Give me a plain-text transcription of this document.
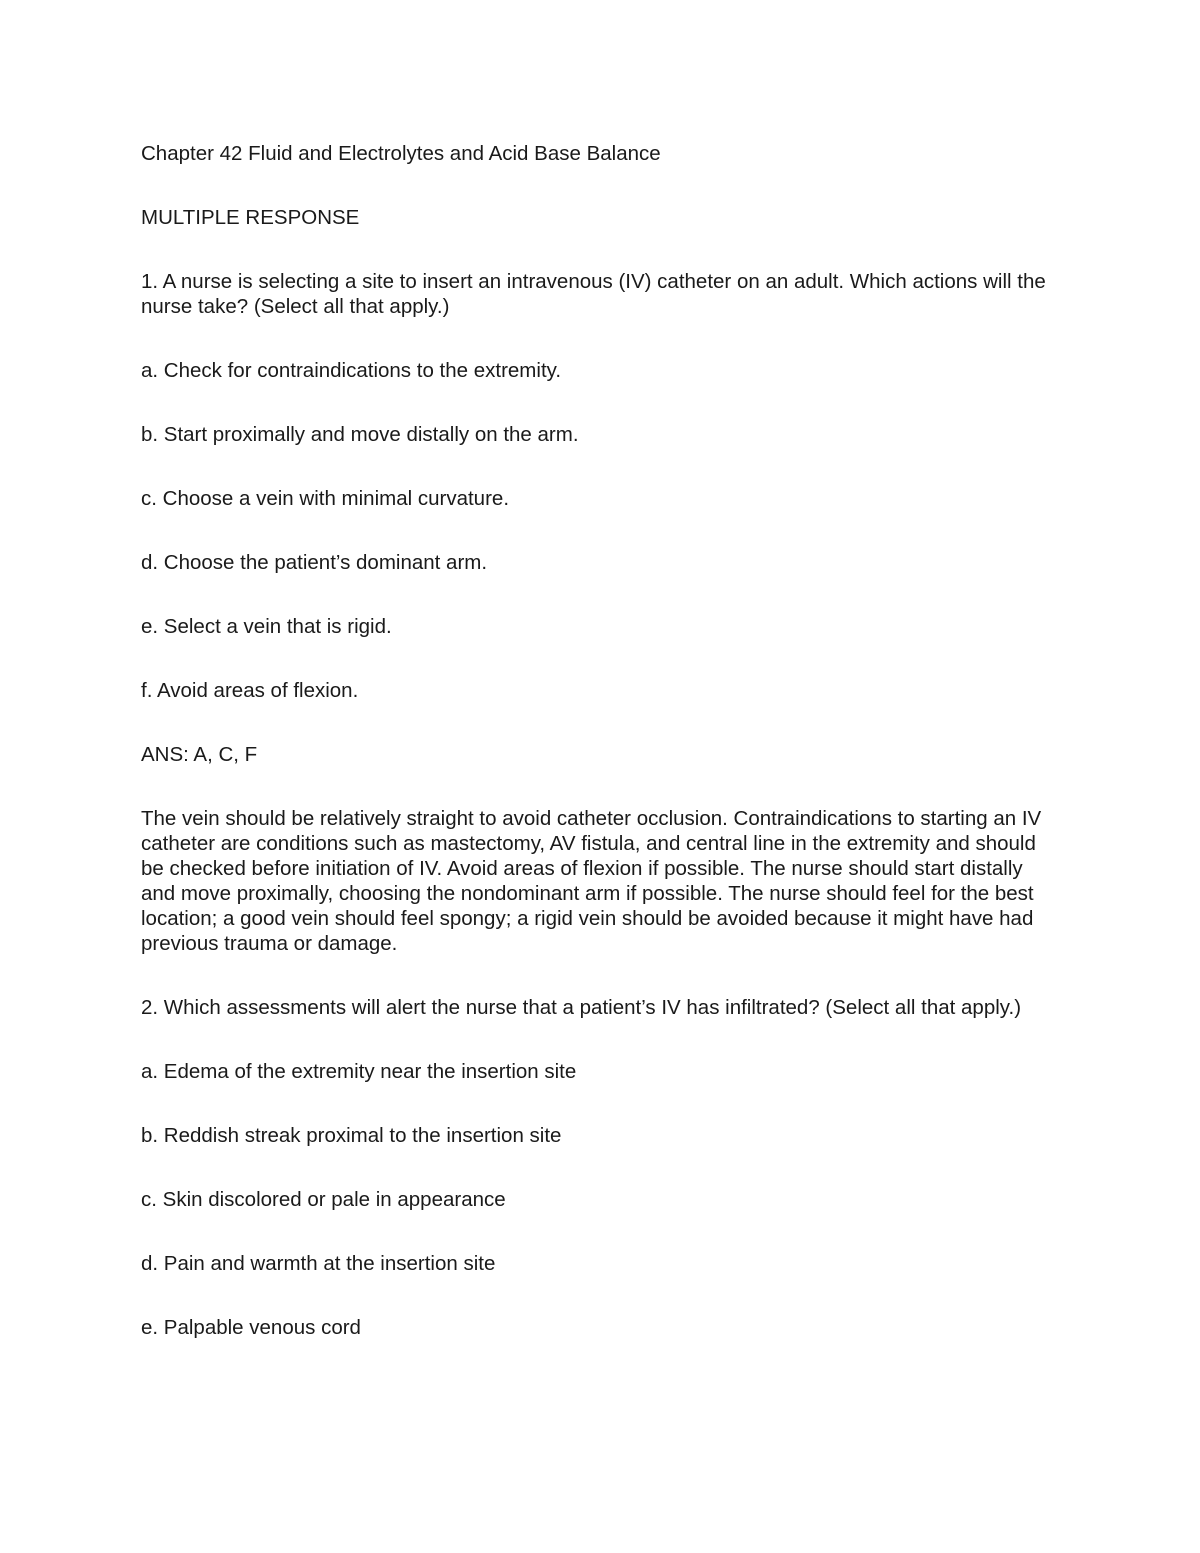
Chapter 42 Fluid and Electrolytes and Acid Base Balance

MULTIPLE RESPONSE

1. A nurse is selecting a site to insert an intravenous (IV) catheter on an adult. Which actions will the nurse take? (Select all that apply.)

a. Check for contraindications to the extremity.

b. Start proximally and move distally on the arm.

c. Choose a vein with minimal curvature.

d. Choose the patient’s dominant arm.

e. Select a vein that is rigid.

f. Avoid areas of flexion.

ANS: A, C, F

The vein should be relatively straight to avoid catheter occlusion. Contraindications to starting an IV catheter are conditions such as mastectomy, AV fistula, and central line in the extremity and should be checked before initiation of IV. Avoid areas of flexion if possible. The nurse should start distally and move proximally, choosing the nondominant arm if possible. The nurse should feel for the best location; a good vein should feel spongy; a rigid vein should be avoided because it might have had previous trauma or damage.

2. Which assessments will alert the nurse that a patient’s IV has infiltrated? (Select all that apply.)

a. Edema of the extremity near the insertion site

b. Reddish streak proximal to the insertion site

c. Skin discolored or pale in appearance

d. Pain and warmth at the insertion site

e. Palpable venous cord
